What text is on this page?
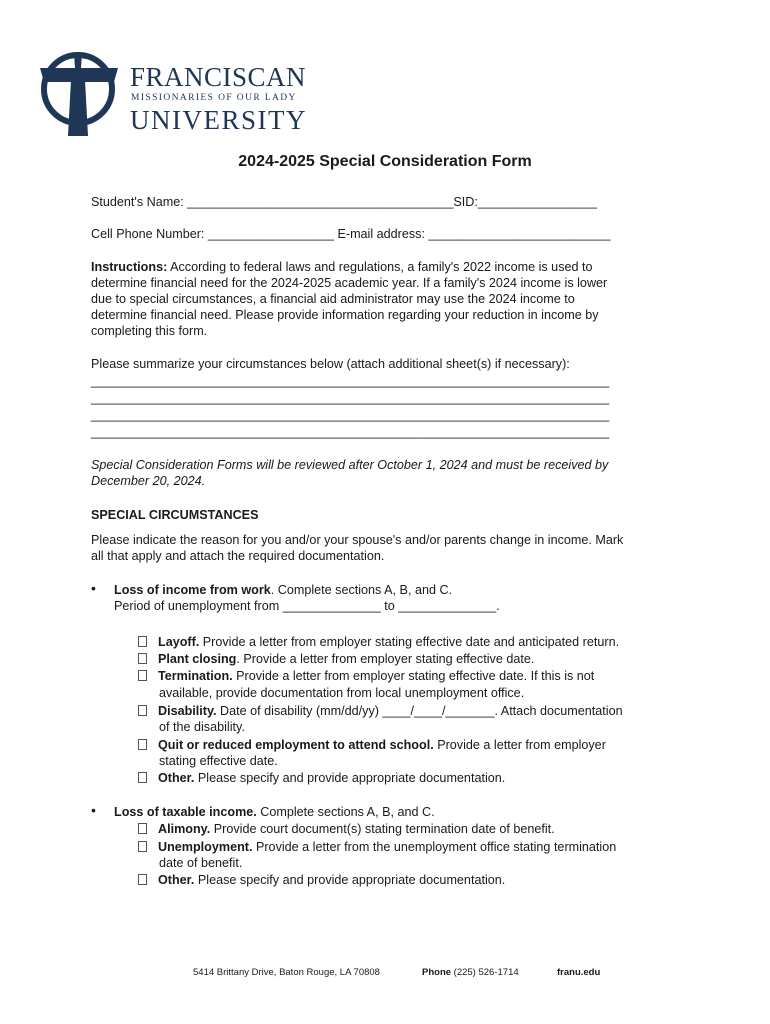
FRANCISCAN
MISSIONARIES OF OUR LADY
UNIVERSITY
2024-2025 Special Consideration Form
Student's Name: ______________________________________SID:_________________
Cell Phone Number: __________________ E-mail address: __________________________
Instructions: According to federal laws and regulations, a family's 2022 income is used to
determine financial need for the 2024-2025 academic year. If a family's 2024 income is lower
due to special circumstances, a financial aid administrator may use the 2024 income to
determine financial need. Please provide information regarding your reduction in income by
completing this form.
Please summarize your circumstances below (attach additional sheet(s) if necessary):
__________________________________________________________________________
__________________________________________________________________________
__________________________________________________________________________
__________________________________________________________________________
Special Consideration Forms will be reviewed after October 1, 2024 and must be received by
December 20, 2024.
SPECIAL CIRCUMSTANCES
Please indicate the reason for you and/or your spouse's and/or parents change in income. Mark
all that apply and attach the required documentation.
• Loss of income from work. Complete sections A, B, and C.
Period of unemployment from ______________ to ______________.
Layoff. Provide a letter from employer stating effective date and anticipated return.
Plant closing. Provide a letter from employer stating effective date.
Termination. Provide a letter from employer stating effective date. If this is not
available, provide documentation from local unemployment office.
Disability. Date of disability (mm/dd/yy) ____/____/_______. Attach documentation
of the disability.
Quit or reduced employment to attend school. Provide a letter from employer
stating effective date.
Other. Please specify and provide appropriate documentation.
• Loss of taxable income. Complete sections A, B, and C.
Alimony. Provide court document(s) stating termination date of benefit.
Unemployment. Provide a letter from the unemployment office stating termination
date of benefit.
Other. Please specify and provide appropriate documentation.
5414 Brittany Drive, Baton Rouge, LA 70808	Phone (225) 526-1714	franu.edu
